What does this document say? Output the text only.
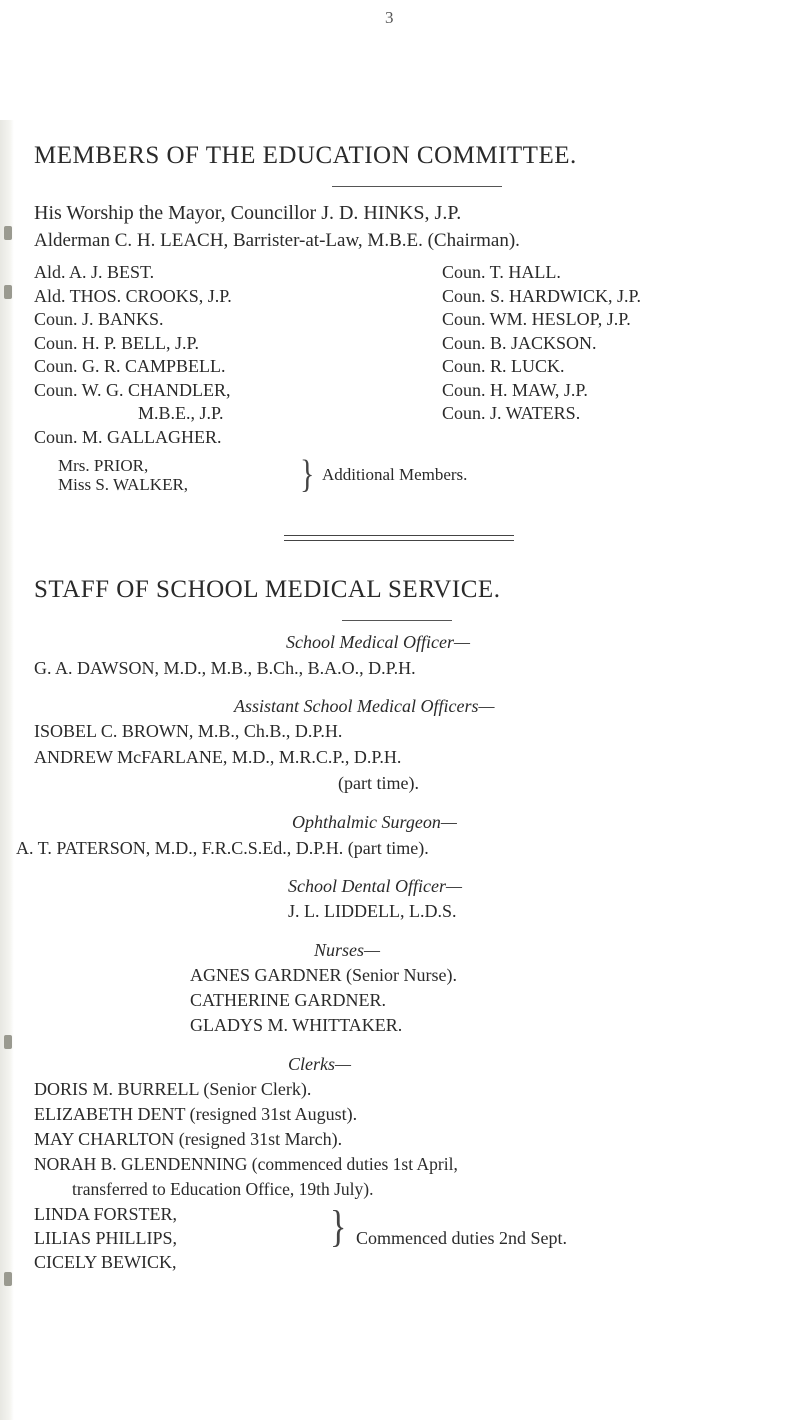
3
MEMBERS OF THE EDUCATION COMMITTEE.
His Worship the Mayor, Councillor J. D. HINKS, J.P.
Alderman C. H. LEACH, Barrister-at-Law, M.B.E. (Chairman).
Ald. A. J. BEST.
Ald. THOS. CROOKS, J.P.
Coun. J. BANKS.
Coun. H. P. BELL, J.P.
Coun. G. R. CAMPBELL.
Coun. W. G. CHANDLER,
M.B.E., J.P.
Coun. M. GALLAGHER.
Coun. T. HALL.
Coun. S. HARDWICK, J.P.
Coun. WM. HESLOP, J.P.
Coun. B. JACKSON.
Coun. R. LUCK.
Coun. H. MAW, J.P.
Coun. J. WATERS.
Mrs. PRIOR,
Miss S. WALKER,	} Additional Members.
STAFF OF SCHOOL MEDICAL SERVICE.
School Medical Officer—
G. A. DAWSON, M.D., M.B., B.Ch., B.A.O., D.P.H.
Assistant School Medical Officers—
ISOBEL C. BROWN, M.B., Ch.B., D.P.H.
ANDREW McFARLANE, M.D., M.R.C.P., D.P.H.
(part time).
Ophthalmic Surgeon—
A. T. PATERSON, M.D., F.R.C.S.Ed., D.P.H. (part time).
School Dental Officer—
J. L. LIDDELL, L.D.S.
Nurses—
AGNES GARDNER (Senior Nurse).
CATHERINE GARDNER.
GLADYS M. WHITTAKER.
Clerks—
DORIS M. BURRELL (Senior Clerk).
ELIZABETH DENT (resigned 31st August).
MAY CHARLTON (resigned 31st March).
NORAH B. GLENDENNING (commenced duties 1st April,
transferred to Education Office, 19th July).
LINDA FORSTER,
LILIAS PHILLIPS,
CICELY BEWICK,
} Commenced duties 2nd Sept.
